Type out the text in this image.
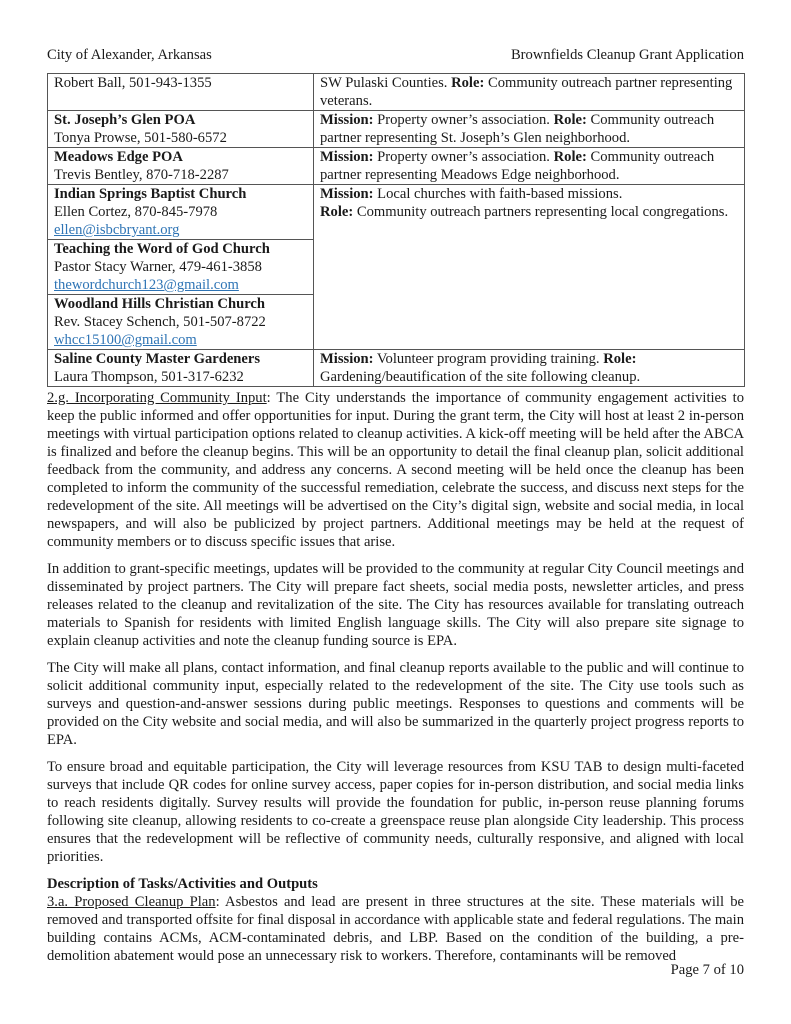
City of Alexander, Arkansas	Brownfields Cleanup Grant Application
Robert Ball, 501-943-1355	SW Pulaski Counties. Role: Community outreach partner representing veterans.

St. Joseph’s Glen POA
Tonya Prowse, 501-580-6572	Mission: Property owner’s association. Role: Community outreach partner representing St. Joseph’s Glen neighborhood.

Meadows Edge POA
Trevis Bentley, 870-718-2287	Mission: Property owner’s association. Role: Community outreach partner representing Meadows Edge neighborhood.

Indian Springs Baptist Church
Ellen Cortez, 870-845-7978
ellen@isbcbryant.org	Mission: Local churches with faith-based missions.
Role: Community outreach partners representing local congregations.

Teaching the Word of God Church
Pastor Stacy Warner, 479-461-3858
thewordchurch123@gmail.com	

Woodland Hills Christian Church
Rev. Stacey Schench, 501-507-8722
whcc15100@gmail.com	

Saline County Master Gardeners
Laura Thompson, 501-317-6232	Mission: Volunteer program providing training. Role: Gardening/beautification of the site following cleanup.

2.g. Incorporating Community Input: The City understands the importance of community engagement activities to keep the public informed and offer opportunities for input. During the grant term, the City will host at least 2 in-person meetings with virtual participation options related to cleanup activities. A kick-off meeting will be held after the ABCA is finalized and before the cleanup begins. This will be an opportunity to detail the final cleanup plan, solicit additional feedback from the community, and address any concerns. A second meeting will be held once the cleanup has been completed to inform the community of the successful remediation, celebrate the success, and discuss next steps for the redevelopment of the site. All meetings will be advertised on the City’s digital sign, website and social media, in local newspapers, and will also be publicized by project partners. Additional meetings may be held at the request of community members or to discuss specific issues that arise.

In addition to grant-specific meetings, updates will be provided to the community at regular City Council meetings and disseminated by project partners. The City will prepare fact sheets, social media posts, newsletter articles, and press releases related to the cleanup and revitalization of the site. The City has resources available for translating outreach materials to Spanish for residents with limited English language skills. The City will also prepare site signage to explain cleanup activities and note the cleanup funding source is EPA.

The City will make all plans, contact information, and final cleanup reports available to the public and will continue to solicit additional community input, especially related to the redevelopment of the site. The City use tools such as surveys and question-and-answer sessions during public meetings. Responses to questions and comments will be provided on the City website and social media, and will also be summarized in the quarterly project progress reports to EPA.

To ensure broad and equitable participation, the City will leverage resources from KSU TAB to design multi-faceted surveys that include QR codes for online survey access, paper copies for in-person distribution, and social media links to reach residents digitally. Survey results will provide the foundation for public, in-person reuse planning forums following site cleanup, allowing residents to co-create a greenspace reuse plan alongside City leadership. This process ensures that the redevelopment will be reflective of community needs, culturally responsive, and aligned with local priorities.

Description of Tasks/Activities and Outputs

3.a. Proposed Cleanup Plan: Asbestos and lead are present in three structures at the site. These materials will be removed and transported offsite for final disposal in accordance with applicable state and federal regulations. The main building contains ACMs, ACM-contaminated debris, and LBP. Based on the condition of the building, a pre-demolition abatement would pose an unnecessary risk to workers. Therefore, contaminants will be removed

Page 7 of 10
